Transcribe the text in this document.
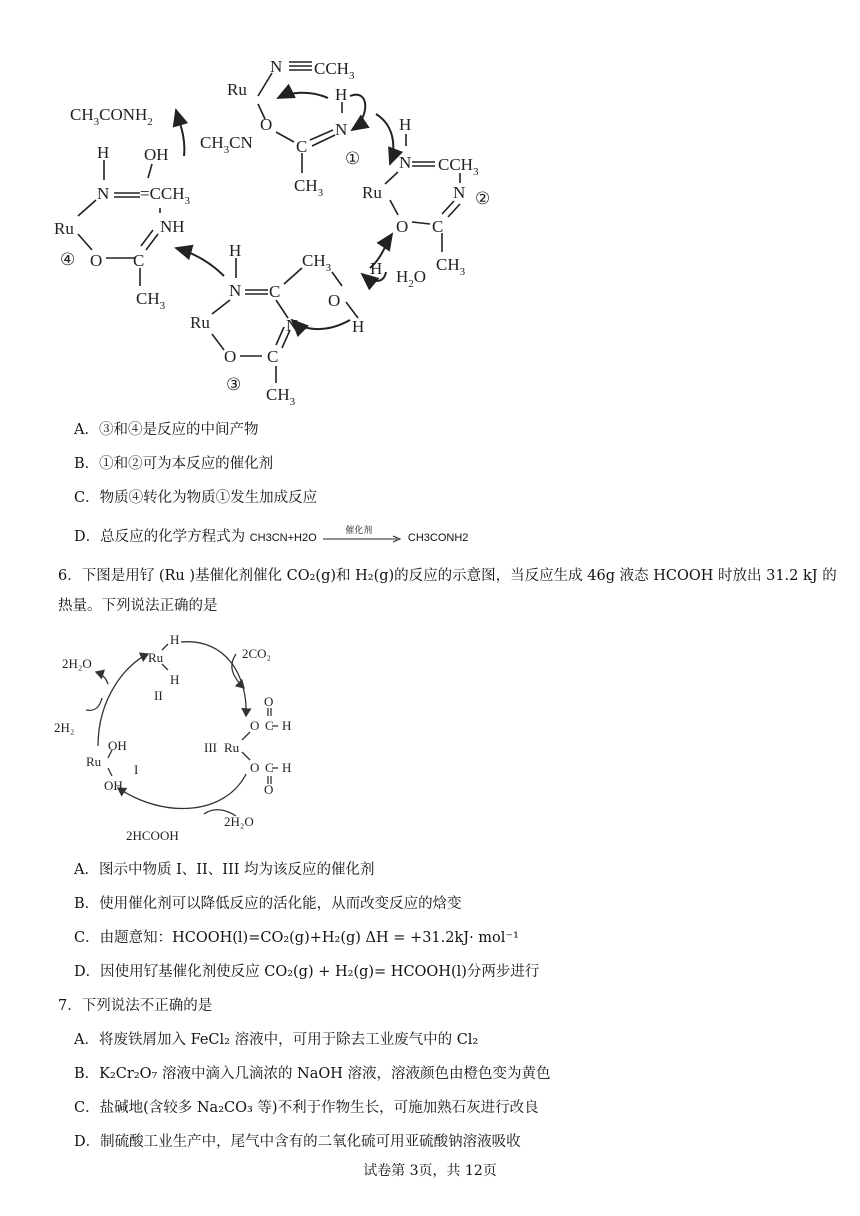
Ru
N $CCH_3$
H
N
O
C
$CH_3CN$
$CH_3$
①
$CH_3CONH_2$	H
N $CCH_3$
N ②
Ru
O C
$CH_3$
$H_2O$
H
H
N C
$CH_3$
O
H
N
Ru
O C
$CH_3$
③
H
$N =CCH_3$
OH
Ru
O C
NH
$CH_3$
④
A．③和④是反应的中间产物
B．①和②可为本反应的催化剂
C．物质④转化为物质①发生加成反应
D．总反应的化学方程式为 CH3CN+H2O
催化剂
CH3CONH2
6．下图是用钌 (Ru )基催化剂催化 CO₂(g)和 H₂(g)的反应的示意图，当反应生成 46g 液态 HCOOH 时放出 31.2 kJ 的
热量。下列说法正确的是
H
Ru
H
II
2H₂O
2H₂
2CO₂
OH
Ru
I
OH
III Ru
O
O C H
O C H
O
2H₂O
2HCOOH
A．图示中物质 I、II、III 均为该反应的催化剂
B．使用催化剂可以降低反应的活化能，从而改变反应的焓变
C．由题意知：HCOOH(l)=CO₂(g)+H₂(g) ΔH = +31.2kJ· mol⁻¹
D．因使用钌基催化剂使反应 CO₂(g) + H₂(g)= HCOOH(l)分两步进行
7．下列说法不正确的是
A．将废铁屑加入 FeCl₂ 溶液中，可用于除去工业废气中的 Cl₂
B．K₂Cr₂O₇ 溶液中滴入几滴浓的 NaOH 溶液，溶液颜色由橙色变为黄色
C．盐碱地(含较多 Na₂CO₃ 等)不利于作物生长，可施加熟石灰进行改良
D．制硫酸工业生产中，尾气中含有的二氧化硫可用亚硫酸钠溶液吸收
试卷第 3页，共 12页
